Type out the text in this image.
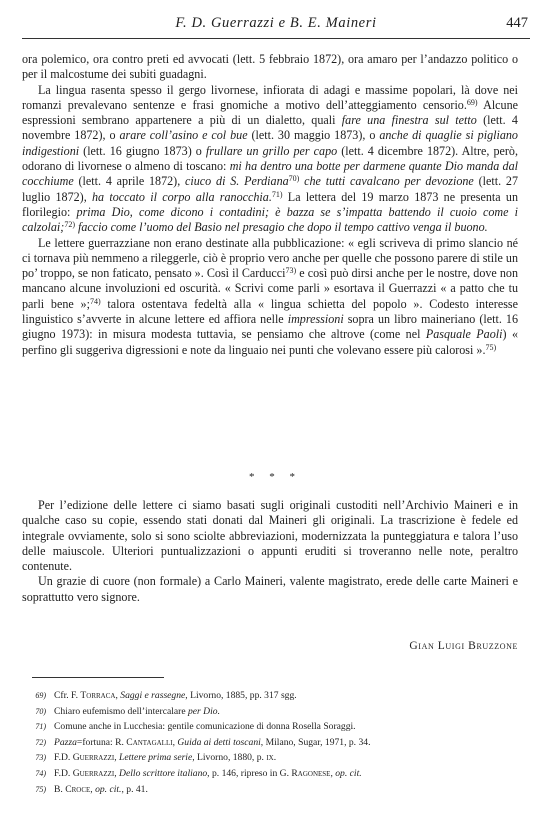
F. D. Guerrazzi e B. E. Maineri	447

ora polemico, ora contro preti ed avvocati (lett. 5 febbraio 1872), ora amaro per l’andazzo politico o per il malcostume dei subiti guadagni.

La lingua rasenta spesso il gergo livornese, infiorata di adagi e massime popolari, là dove nei romanzi prevalevano sentenze e frasi gnomiche a motivo dell’atteggiamento censorio.$^{69)}$ Alcune espressioni sembrano appartenere a più di un dialetto, quali fare una finestra sul tetto (lett. 4 novembre 1872), o arare coll’asino e col bue (lett. 30 maggio 1873), o anche di quaglie si pigliano indigestioni (lett. 16 giugno 1873) o frullare un grillo per capo (lett. 4 dicembre 1872). Altre, però, odorano di livornese o almeno di toscano: mi ha dentro una botte per darmene quante Dio manda dal cocchiume (lett. 4 aprile 1872), ciuco di S. Perdiana$^{70)}$ che tutti cavalcano per devozione (lett. 27 luglio 1872), ha toccato il corpo alla ranocchia.$^{71)}$ La lettera del 19 marzo 1873 ne presenta un florilegio: prima Dio, come dicono i contadini; è bazza se s’impatta battendo il cuoio come i calzolai;$^{72)}$ faccio come l’uomo del Basio nel presagio che dopo il tempo cattivo venga il buono.

Le lettere guerrazziane non erano destinate alla pubblicazione: « egli scriveva di primo slancio né ci tornava più nemmeno a rileggerle, ciò è proprio vero anche per quelle che possono parere di stile un po’ troppo, se non faticato, pensato ». Così il Carducci$^{73)}$ e così può dirsi anche per le nostre, dove non mancano alcune involuzioni ed oscurità. « Scrivi come parli » esortava il Guerrazzi « a patto che tu parli bene »;$^{74)}$ talora ostentava fedeltà alla « lingua schietta del popolo ». Codesto interesse linguistico s’avverte in alcune lettere ed affiora nelle impressioni sopra un libro maineriano (lett. 16 giugno 1973): in misura modesta tuttavia, se pensiamo che altrove (come nel Pasquale Paoli) « perfino gli suggeriva digressioni e note da linguaio nei punti che volevano essere più calorosi ».$^{75)}$

* * *

Per l’edizione delle lettere ci siamo basati sugli originali custoditi nell’Archivio Maineri e in qualche caso su copie, essendo stati donati dal Maineri gli originali. La trascrizione è fedele ed integrale ovviamente, solo si sono sciolte abbreviazioni, modernizzata la punteggiatura e talora l’uso delle maiuscole. Ulteriori puntualizzazioni o appunti eruditi si troveranno nelle note, peraltro contenute.

Un grazie di cuore (non formale) a Carlo Maineri, valente magistrato, erede delle carte Maineri e soprattutto vero signore.

Gian Luigi Bruzzone
69) Cfr. F. Torraca, Saggi e rassegne, Livorno, 1885, pp. 317 sgg.
70) Chiaro eufemismo dell’intercalare per Dio.
71) Comune anche in Lucchesia: gentile comunicazione di donna Rosella Soraggi.
72) Pazza=fortuna: R. Cantagalli, Guida ai detti toscani, Milano, Sugar, 1971, p. 34.
73) F.D. Guerrazzi, Lettere prima serie, Livorno, 1880, p. ix.
74) F.D. Guerrazzi, Dello scrittore italiano, p. 146, ripreso in G. Ragonese, op. cit.
75) B. Croce, op. cit., p. 41.
